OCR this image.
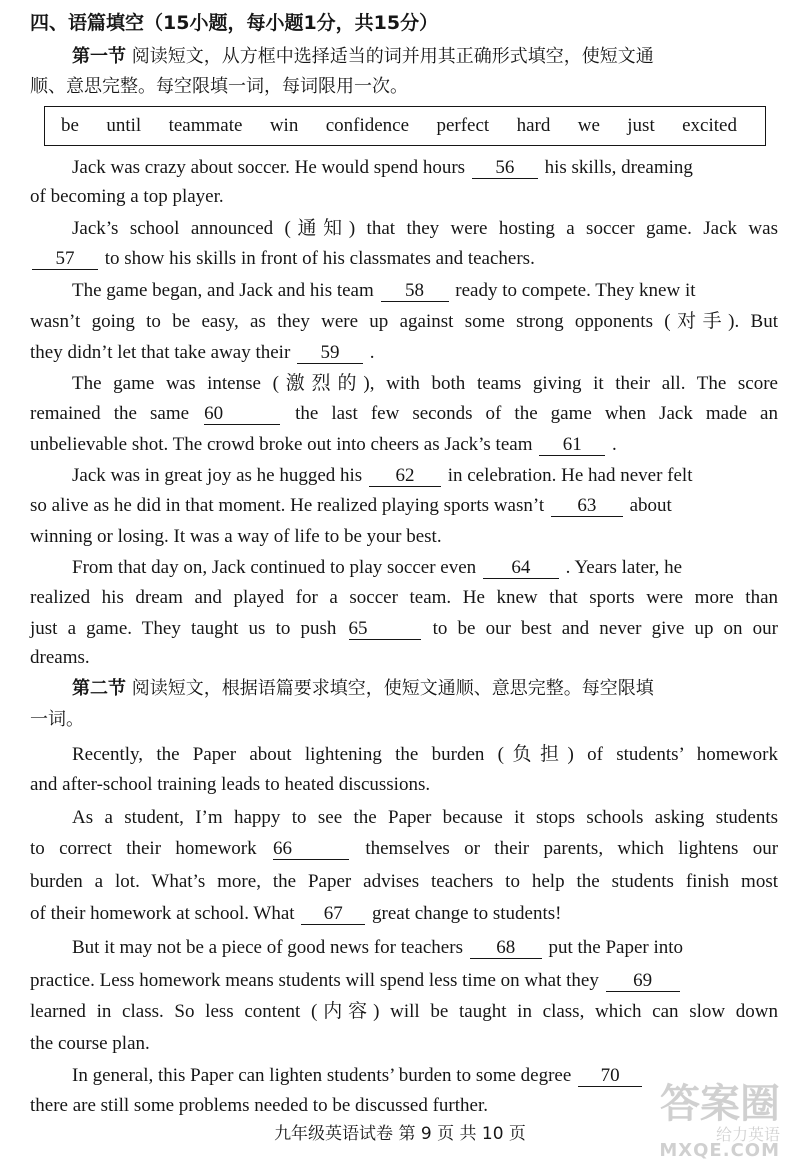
四、语篇填空（15小题，每小题1分，共15分）
第一节 阅读短文，从方框中选择适当的词并用其正确形式填空，使短文通
顺、意思完整。每空限填一词，每词限用一次。
be until teammate win confidence perfect hard we just excited
Jack was crazy about soccer. He would spend hours 56 his skills, dreaming
of becoming a top player.
Jack’s school announced (通知) that they were hosting a soccer game. Jack was
57 to show his skills in front of his classmates and teachers.
The game began, and Jack and his team 58 ready to compete. They knew it
wasn’t going to be easy, as they were up against some strong opponents (对手). But
they didn’t let that take away their 59 .
The game was intense (激烈的), with both teams giving it their all. The score
remained the same 60	the last few seconds of the game when Jack made an
unbelievable shot. The crowd broke out into cheers as Jack’s team 61 .
Jack was in great joy as he hugged his 62 in celebration. He had never felt
so alive as he did in that moment. He realized playing sports wasn’t 63 about
winning or losing. It was a way of life to be your best.
From that day on, Jack continued to play soccer even 64 . Years later, he
realized his dream and played for a soccer team. He knew that sports were more than
just a game. They taught us to push 65	to be our best and never give up on our
dreams.
第二节 阅读短文，根据语篇要求填空，使短文通顺、意思完整。每空限填
一词。
Recently, the Paper about lightening the burden (负担) of students’ homework
and after-school training leads to heated discussions.
As a student, I’m happy to see the Paper because it stops schools asking students
to correct their homework 66	themselves or their parents, which lightens our
burden a lot. What’s more, the Paper advises teachers to help the students finish most
of their homework at school. What 67 great change to students!
But it may not be a piece of good news for teachers 68 put the Paper into
practice. Less homework means students will spend less time on what they 69
learned in class. So less content (内容) will be taught in class, which can slow down
the course plan.
In general, this Paper can lighten students’ burden to some degree 70
there are still some problems needed to be discussed further.
九年级英语试卷 第 9 页 共 10 页
答案圈
给力英语
MXQE.COM
